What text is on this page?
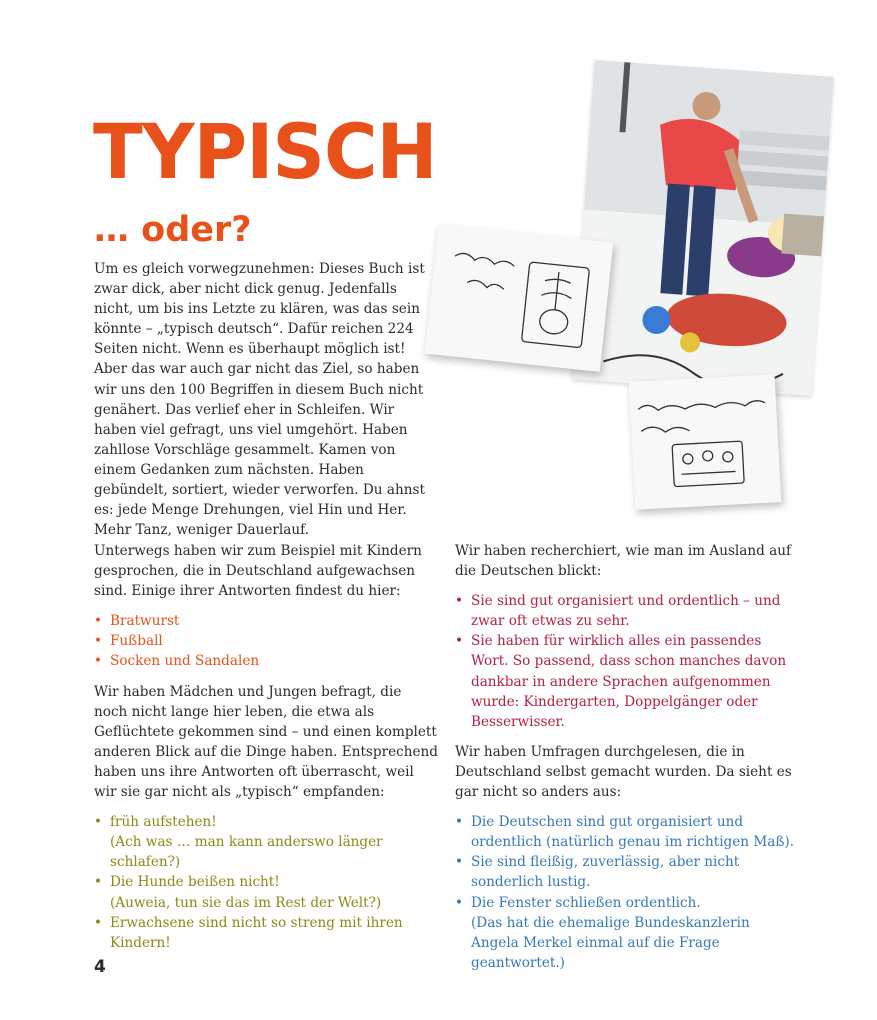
TYPISCH
… oder?

Um es gleich vorwegzunehmen: Dieses Buch ist zwar dick, aber nicht dick genug. Jedenfalls nicht, um bis ins Letzte zu klären, was das sein könnte – „typisch deutsch“. Dafür reichen 224 Seiten nicht. Wenn es überhaupt möglich ist! Aber das war auch gar nicht das Ziel, so haben wir uns den 100 Begriffen in diesem Buch nicht genähert. Das verlief eher in Schleifen. Wir haben viel gefragt, uns viel umgehört. Haben zahllose Vorschläge gesammelt. Kamen von einem Gedanken zum nächsten. Haben gebündelt, sortiert, wieder verworfen. Du ahnst es: jede Menge Drehungen, viel Hin und Her. Mehr Tanz, weniger Dauerlauf.

Unterwegs haben wir zum Beispiel mit Kindern gesprochen, die in Deutschland aufgewachsen sind. Einige ihrer Antworten findest du hier:

• Bratwurst
• Fußball
• Socken und Sandalen

Wir haben Mädchen und Jungen befragt, die noch nicht lange hier leben, die etwa als Geflüchtete gekommen sind – und einen komplett anderen Blick auf die Dinge haben. Entsprechend haben uns ihre Antworten oft überrascht, weil wir sie gar nicht als „typisch“ empfanden:

• früh aufstehen!
(Ach was … man kann anderswo länger schlafen?)
• Die Hunde beißen nicht!
(Auweia, tun sie das im Rest der Welt?)
• Erwachsene sind nicht so streng mit ihren Kindern!

Wir haben recherchiert, wie man im Ausland auf die Deutschen blickt:

• Sie sind gut organisiert und ordentlich – und zwar oft etwas zu sehr.
• Sie haben für wirklich alles ein passendes Wort. So passend, dass schon manches davon dankbar in andere Sprachen aufgenommen wurde: Kindergarten, Doppelgänger oder Besserwisser.

Wir haben Umfragen durchgelesen, die in Deutschland selbst gemacht wurden. Da sieht es gar nicht so anders aus:

• Die Deutschen sind gut organisiert und ordentlich (natürlich genau im richtigen Maß).
• Sie sind fleißig, zuverlässig, aber nicht sonderlich lustig.
• Die Fenster schließen ordentlich.
(Das hat die ehemalige Bundeskanzlerin Angela Merkel einmal auf die Frage geantwortet.)
4
